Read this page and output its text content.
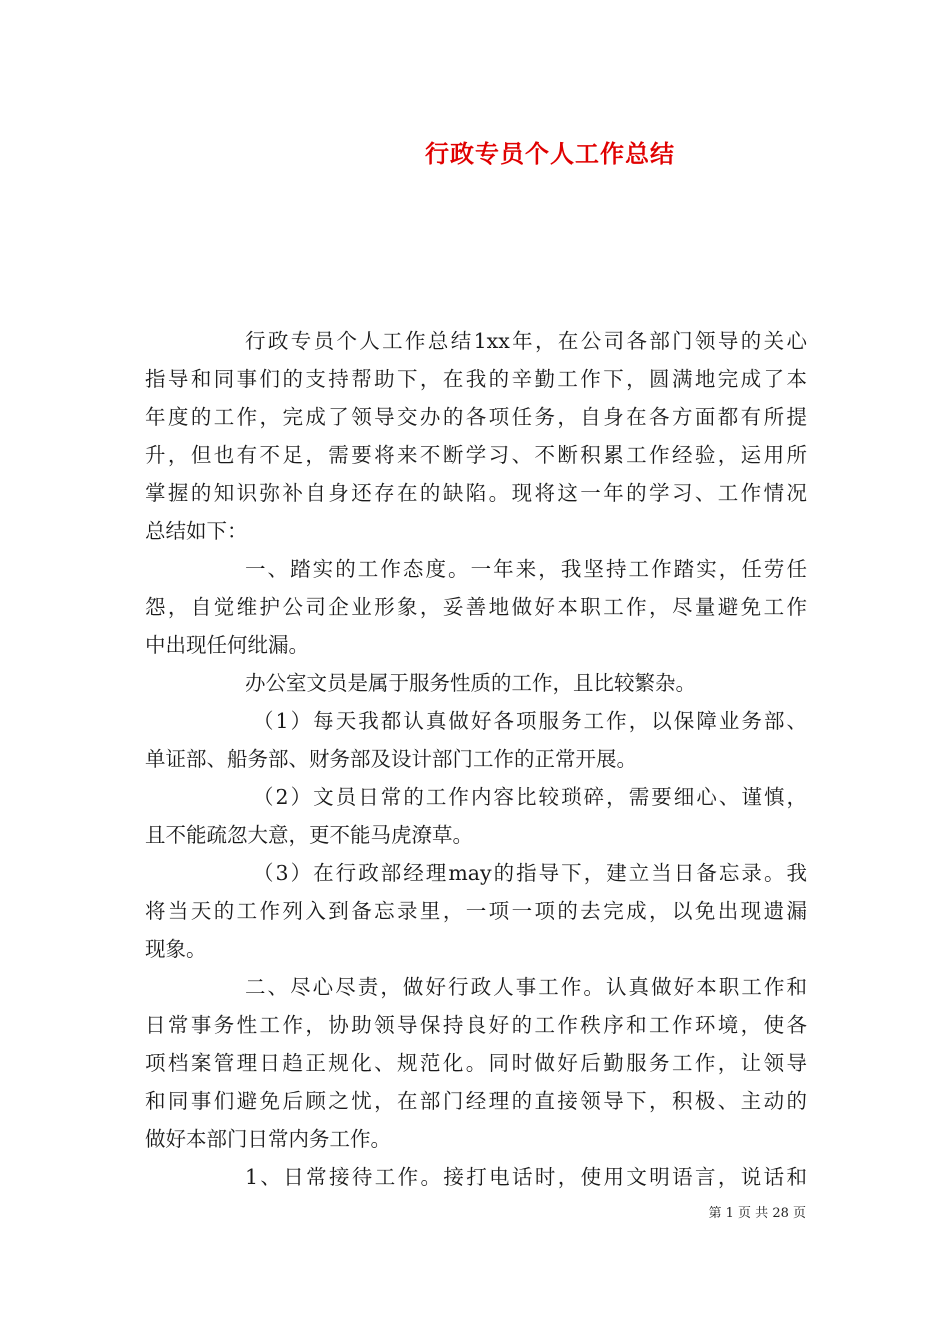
行政专员个人工作总结
行政专员个人工作总结1xx年，在公司各部门领导的关心
指导和同事们的支持帮助下，在我的辛勤工作下，圆满地完成了本
年度的工作，完成了领导交办的各项任务，自身在各方面都有所提
升，但也有不足，需要将来不断学习、不断积累工作经验，运用所
掌握的知识弥补自身还存在的缺陷。现将这一年的学习、工作情况
总结如下：
一、踏实的工作态度。一年来，我坚持工作踏实，任劳任
怨，自觉维护公司企业形象，妥善地做好本职工作，尽量避免工作
中出现任何纰漏。
办公室文员是属于服务性质的工作，且比较繁杂。
（1）每天我都认真做好各项服务工作，以保障业务部、
单证部、船务部、财务部及设计部门工作的正常开展。
（2）文员日常的工作内容比较琐碎，需要细心、谨慎，
且不能疏忽大意，更不能马虎潦草。
（3）在行政部经理may的指导下，建立当日备忘录。我
将当天的工作列入到备忘录里，一项一项的去完成，以免出现遗漏
现象。
二、尽心尽责，做好行政人事工作。认真做好本职工作和
日常事务性工作，协助领导保持良好的工作秩序和工作环境，使各
项档案管理日趋正规化、规范化。同时做好后勤服务工作，让领导
和同事们避免后顾之忧，在部门经理的直接领导下，积极、主动的
做好本部门日常内务工作。
1、日常接待工作。接打电话时，使用文明语言，说话和
第 1 页 共 28 页
